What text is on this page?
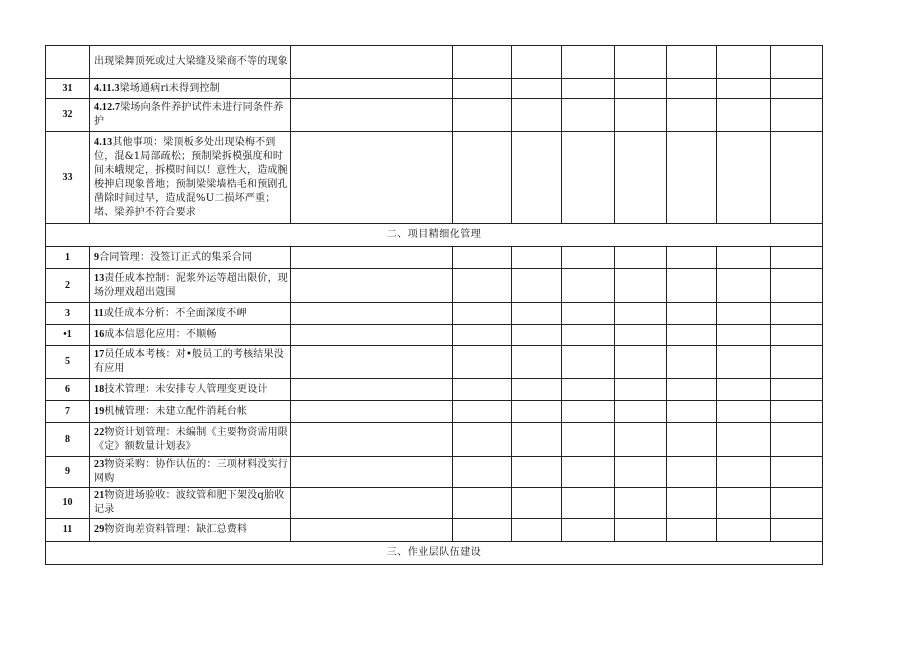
	出现梁舞顶死或过大梁缝及梁商不等的现象								
31	4.11.3梁场通病ri未得到控制								
32	4.12.7梁场向条件养护试件未进行同条件养护								
33	4.13其他事项：梁顶板多处出现染梅不到位，混&1局部疏松；预制梁拆模强度和时间未峨规定，拆模时间以！意性大，造成腕梭抻启现象普地；预制梁梁墙梏毛和预剧孔凿除时间过早，造成混%U二损坏严重；堵、梁养护不符合要求								
二、项目精细化管理									
1	9合同管理：没签订正式的集采合同								
2	13责任成本控制：泥浆外运等超出限价，现场汾理戏超出蔻围								
3	11或任成本分析：不全面深度不岬								
•1	16成本信恩化应用：不顺畅								
5	17员任成本考核：对•般员工的考核结果没有应用								
6	18技术管理：未安排专人管理变更设计								
7	19机械管理：未建立配件消耗台帐								
8	22物资计划管理：未编制《主要物资需用限《定》额数量计划表》								
9	23物资采购：协作认伍的：三项材料没实行网购								
10	21物资进场验收：波纹管和肥下架没q胎收记录								
11	29物资询差资料管理：缺汇总费料								
三、作业层队伍建设									
